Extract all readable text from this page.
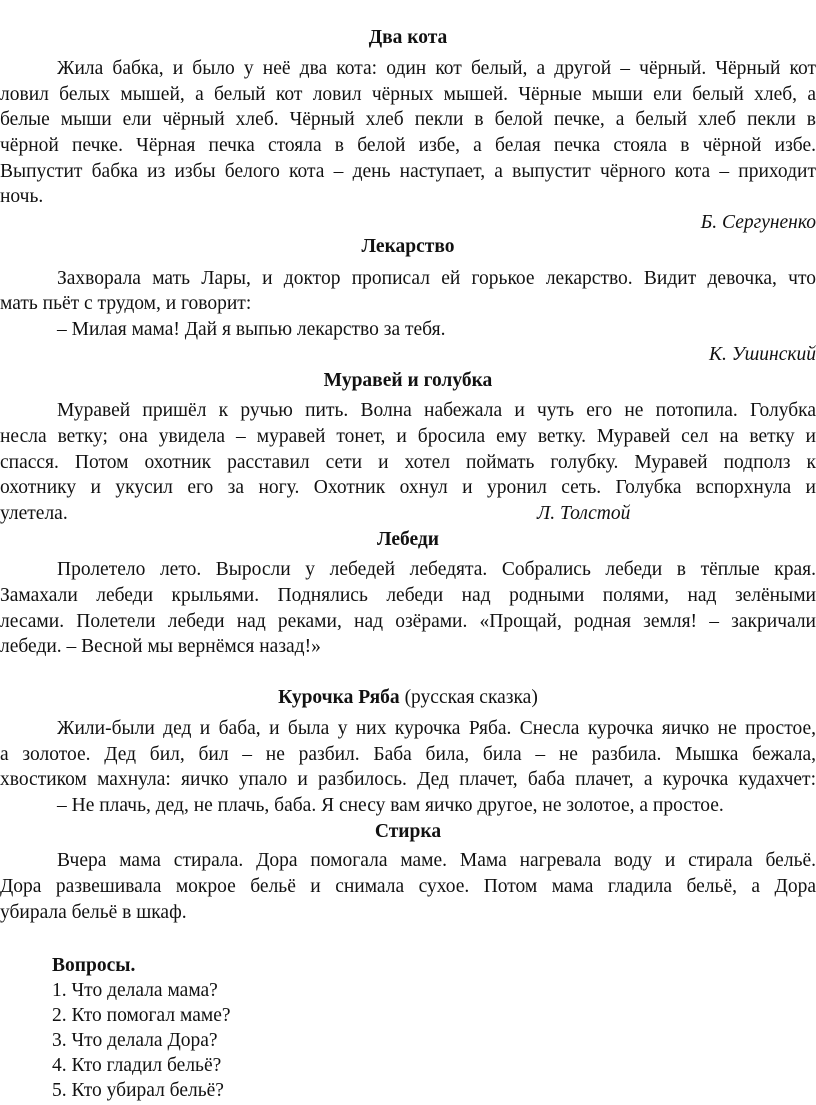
Два кота
Жила бабка, и было у неё два кота: один кот белый, а другой – чёрный. Чёрный кот
ловил белых мышей, а белый кот ловил чёрных мышей. Чёрные мыши ели белый хлеб, а
белые мыши ели чёрный хлеб. Чёрный хлеб пекли в белой печке, а белый хлеб пекли в
чёрной печке. Чёрная печка стояла в белой избе, а белая печка стояла в чёрной избе.
Выпустит бабка из избы белого кота – день наступает, а выпустит чёрного кота – приходит
ночь.
Б. Сергуненко
Лекарство
Захворала мать Лары, и доктор прописал ей горькое лекарство. Видит девочка, что
мать пьёт с трудом, и говорит:
– Милая мама! Дай я выпью лекарство за тебя.
К. Ушинский
Муравей и голубка
Муравей пришёл к ручью пить. Волна набежала и чуть его не потопила. Голубка
несла ветку; она увидела – муравей тонет, и бросила ему ветку. Муравей сел на ветку и
спасся. Потом охотник расставил сети и хотел поймать голубку. Муравей подполз к
охотнику и укусил его за ногу. Охотник охнул и уронил сеть. Голубка вспорхнула и
улетела.	Л. Толстой
Лебеди
Пролетело лето. Выросли у лебедей лебедята. Собрались лебеди в тёплые края.
Замахали лебеди крыльями. Поднялись лебеди над родными полями, над зелёными
лесами. Полетели лебеди над реками, над озёрами. «Прощай, родная земля! – закричали
лебеди. – Весной мы вернёмся назад!»
Курочка Ряба (русская сказка)
Жили-были дед и баба, и была у них курочка Ряба. Снесла курочка яичко не простое,
а золотое. Дед бил, бил – не разбил. Баба била, била – не разбила. Мышка бежала,
хвостиком махнула: яичко упало и разбилось. Дед плачет, баба плачет, а курочка кудахчет:
– Не плачь, дед, не плачь, баба. Я снесу вам яичко другое, не золотое, а простое.
Стирка
Вчера мама стирала. Дора помогала маме. Мама нагревала воду и стирала бельё.
Дора развешивала мокрое бельё и снимала сухое. Потом мама гладила бельё, а Дора
убирала бельё в шкаф.
Вопросы.
1. Что делала мама?
2. Кто помогал маме?
3. Что делала Дора?
4. Кто гладил бельё?
5. Кто убирал бельё?
